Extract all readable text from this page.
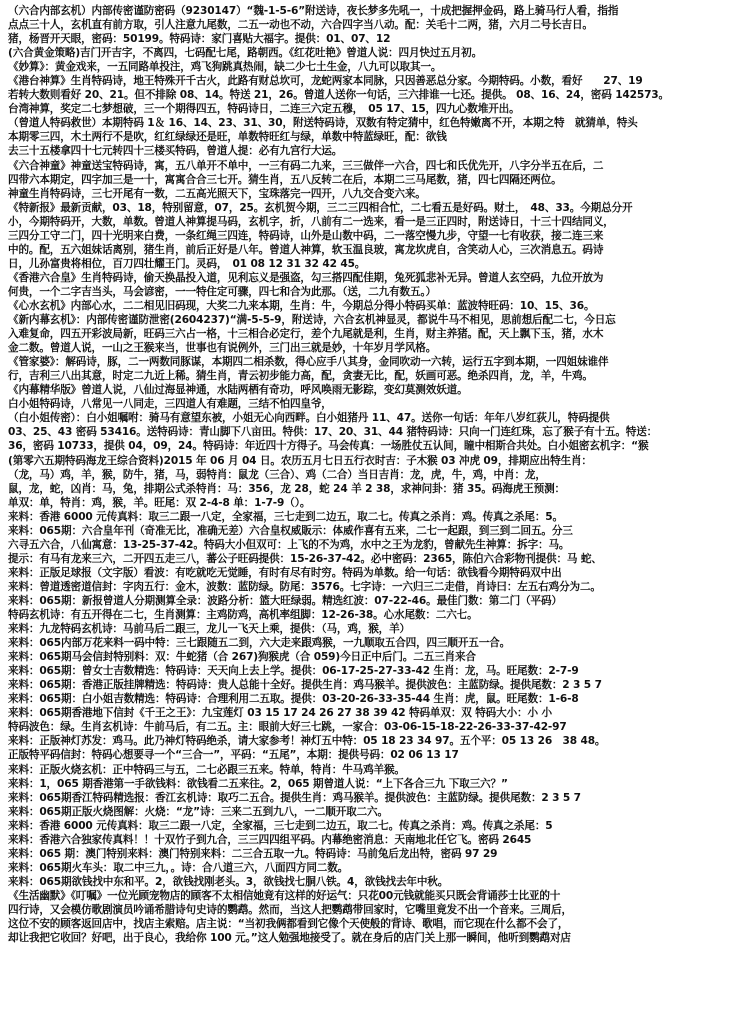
（六合内部玄机）内部传密谨防密码（9230147）“魏-1-5-6”附送诗，夜长梦多先吼一，十成把握押金码，路上骑马行人看，指指
点点三十人，玄机直有前方取，引人注意九尾数，二五一动也不动，六合四字当八动。配：关毛十二两，猪，六月二号长吉日。
猪，杨晋开天眼，密码：50199。特码诗：家门喜贴大福字。提供：01、07、12
(六合黄金策略)吉门开吉字，不离四，七码配七尾，路朝西。《红花吐艳》曾道人说：四月快过五月初。
《妙算》：黄金戏来，一五同路单投注，鸡飞狗跳真热闹，缺二少七土生金，八九可以取其一。
《港台神算》生肖特码诗，地王特殊开千古火，此路有财总坎可，龙蛇两家本同脉，只因善恶总分家。今期特码。小数，看好　　27、19
若转大数则看好 20、21。但不排除 08、14。特送 21，26。曾道人送你一句话，三六排谁一七还。提供。 08、16、24，密码 142573。
台湾神算，奖定二七梦想破，三一个期得四五，特码诗日，二连三六定五穆，　05 17、15，四九心数堆开出。
（曾道人特码救世）本期特码 1＆ 16、14、23、31、30，附送特码诗，双数有特定猜中，红色特嫩离不开，本期之特　就猜单，特头
本期零三四，木土两行不是吹，红红绿绿还是旺，单数特旺红与绿，单数中特蓝绿旺，配：欲钱
去三十五楼拿四十七元转四十三楼买特码，曾道人提：必有九宫行大运。
《六合神童》神童送宝特码诗，寓，五八单开不单中，一三有码二九来，三三做伴一六合，四七和氏优先开，八字分半五在后，二
四带六本期定，四字加三是一十，寓寓合合三七开。猜生肖，五八反转二在后，本期二三马尾数，猪，四七四隔还两位。
神童生肖特码诗，三七开尾有一数，二五高光照天下，宝珠落完一四开，八九交合变六来。
《特新报》最新贡献，03、18，特别留意，07，25。玄机贺今期，三二三四相合忙，二七看五是好码。财土，　48、33。今期总分开
小，今期特码开，大数，单数。曾道人神算提马码，玄机字，折，八前有二一选来，看一是三正四时，附送诗日，十三十四结同义，
三四分工守二门，四十光明来白费，一条红绳三四连，特码诗，山外是山数中码，二一落空慢九步，守望一七有收获，接二连三来
中的。配，五六姐妹话离别，猪生肖，前后正好是八年。曾道人神算，软玉温良玻，寓龙坎虎自，含笑动人心，三次消息五。码诗
日，儿孙富贵将相位，百刀四壮耀王门。灵码，　01 08 12 31 32 42 45。
《香港六合皇》生肖特码诗，偷天换晶投入道，见利忘义是强盗，勾三搭四配佳期，兔死狐悲补无异。曾道人玄空码，九位开放为
何贵，一个二字吉当头，马会谚密，一一特住定可骤，四七和合为此那。（送，二九有数五。）
《心水玄机》内部心水，二二相见旧码现，大奖二九来本期，生肖：牛，今期总分得小特码买单：蓝波特旺码：10、15、36。
《新内幕玄机》：内部传密谨防泄密(2604237)“满-5-5-9，附送诗，六合玄机神显灵，都说牛马不相见，思前想后配二七，今日忘
入难复命，四五开彩波局新，旺码三六占一格，十三相合必定行，差个九尾就是利，生肖，财主养猪。配，天上飘下玉，猪，水木
金二数。曾道人说，一山之王猴来当，世事也有说例外，三门出三就是妙，十年岁月学风格。
《管家婆》：解码诗，豚，二一两数同豚谋，本期四二相杀数，得心应手八其身，金同吹动一六转，运行五字到本期，一四姐妹谁伴
行，吉利三八出其意，时定二九近上稀。猜生肖，青云初步能力高，配，贪妻无比，配，妖画可恶。绝杀四肖，龙，羊，牛鸡。
《内幕精华版》曾道人说，八仙过海显神通，水陆两栖有奇功，呼风唤雨无影踪，变幻莫测效妖道。
白小姐特码诗，八常见一八同走，三四道人有难题，三结不怕四皇爷，
（白小姐传密）：白小姐嘱咐：骑马有意望东被，小姐无心向西畔。白小姐猪丹 11、47。送你一句话：年年八岁红荻儿，特码提供
03、25、43 密码 53416。送特码诗：青山脚下八亩田。特供：17、20、31、44 猪特码诗：只向一门连红珠，忘了猴子有十五。特送：
36，密码 10733，提供 04，09，24。特码诗：年近四十方得子。马会传真：一场胜仗五认间，瞳中相斯合共处。白小姐密玄机字：“猴
(第零六五期特码海龙王综合资料)2015 年 06 月 04 日。农历五月七日五行衣时吉：子木猴 03 冲虎 09，排期应出特生肖：
（龙，马）鸡，羊，猴，防牛，猪，马，弱特肖：鼠龙（三合）、鸡（二合）当日吉肖：龙，虎，牛，鸡，中肖：龙，
鼠，龙，蛇，凶肖：马，兔，排期公式杀特肖：马：356，龙 28，蛇 24 羊 2 38，求神问卦：猪 35。码海虎王预测：
单双：单，特肖：鸡，猴，羊。旺尾：双 2-4-8 单：1-7-9（）。
来料：香港 6000 元传真料：取三二跟一八定，全家福，三七走到二边五，取二七。传真之杀肖：鸡。传真之杀尾：5。
来料：065期：六合皇年刊（奇准无比，准确无差）六合皇权威販示：体威作喜有五来，二七一起跟，到三到二回五。分三
六寻五六合，八仙寓意：13-25-37-42。特码大小但双可：上飞的不为鸡，水中之王为龙豹，曾献先生神算：拆字：马。
提示：有马有龙来三六，二开四五走三八，蕃公子旺码提供：15-26-37-42。必中密码：2365，陈伯六合彩物刊提供：马 蛇、
来料：正版足球报（文字版）看波：有吃就吃无觉睡，有时有尽有时穷。特码为单数。给一句话：欲钱看今期特码双中出
来料：曾道透密道信封：字肉五行：金木，波数：蓝防绿。防尾：3576。七字诗：一六归三二走借，肖诗曰：左五右鸡分为二。
来料：065期：新报曾道人分期测算全录：波路分析：篮大旺绿弱。精选红波：07-22-46。最佳门数：第二门（平码）
特码玄机诗：有五开得在二七，生肖测算：主鸡防鸡，高机率组脚：12-26-38。心水尾数：二六七。
来料：九龙特码玄机诗：马前马后二跟三，龙儿一飞天上乘，提供：（马，鸡，猴，羊）
来料：065内部万花来料一码中特：三七跟随五二到，六大走来跟鸡猴，一九顺取五合四，四三顺开五一合。
来料：065期马会信封特别料：双：牛蛇猪（合 267)狗猴虎（合 059)今日正中后门。二五三肖来合
来料：065期：曾女士吉数精选：特码诗：天天向上去上学。提供：06-17-25-27-33-42 生肖：龙，马。旺尾数：2-7-9
来料：065期：香港正版挂牌精选：特码诗：贵人总能十全好。提供生肖：鸡马猴羊。提供波色：主蓝防绿。提供尾数：2 3 5 7
来料：065期：白小姐吉数精选：特码诗：合理利用二五取。提供：03-20-26-33-35-44 生肖：虎，鼠。旺尾数：1-6-8
来料：065期香港地下信封《千王之王》：九宝莲灯 03 15 17 24 26 27 38 39 42 特码单双：双 特码大小：小 小
特码波色：绿。生肖玄机诗：牛前马后，有二五。主：眼前大好三七跳，一家合：03-06-15-18-22-26-33-37-42-97
来料：正版神灯苏发：鸡马。此乃神灯特码绝杀，请大家参考！神灯五中特：05 18 23 34 97。五个平：05 13 26　38 48。
正版特平码信封：特码心想要寻一个“三合一”，平码：“五尾”，本期：提供号码：02 06 13 17
来料：正版火烧玄机：正中特码三与五，二七必跟三五来。特单，特肖：牛马鸡羊猴。
来料：1，065 期香港第一手欲钱料：欲钱看二五来往。2，065 期曾道人说：“上下各合三九 下取三六？”
来料：065期香江特码精选报：香江玄机诗：取巧二五合。提供生肖：鸡马猴羊。提供波色：主蓝防绿。提供尾数：2 3 5 7
来料：065期正版火烧图解：火烧：“龙”诗：三来二五到九八，一二顺开取二六。
来料：香港 6000 元传真料：取三二跟一八定，全家福，三七走到二边五，取二七。传真之杀肖：鸡。传真之杀尾：5
来料：香港六合独家传真料！！十双竹子到九合，三三四四组平码。内幕绝密消息：天南地北任它飞。密码 2645
来料：065 期：澳门特别来料：澳门特别来料：二三合五取一九。特码诗：马前兔后龙出特，密码 97 29
来料：065期火车头：取二中三九，。诗：合八道三六，八面四方同二数。
来料：065期欲钱找中东和平。2，欲钱找刚老头。3，欲钱找七胴八铁。4，欲钱找去年中秋。
《生活幽默》《叮嘱》一位光顾宠物店的顾客不太相信她竟有这样的好运气：只花00元钱就能买只既会背诵莎士比亚的十
四行诗，又会模仿歌剧演员吟诵希腊诗句史诗的鹦鹉。然而，当这人把鹦鹉带回家时，它嘴里竟发不出一个音来。三周后，
这位不安的顾客返回店中，找店主索赔。店主说：“当初我俩都看到它像个天使般的背诗、歌唱，而它现在什么都不会了，
却让我把它收回？好吧，出于良心，我给你 100 元。”这人勉强地接受了。就在身后的店门关上那一瞬间，他听到鹦鹉对店
